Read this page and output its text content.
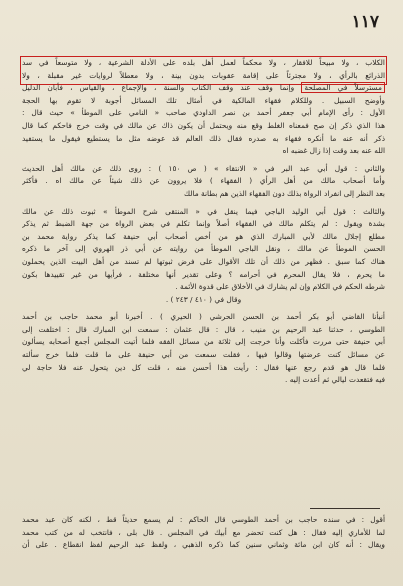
١١٧
الكلاب ، ولا مبيحاً للافقار ، ولا محكماً لعمل أهل بلده على الأدلة الشرعية ، ولا متوسعاً في سد
الذرائع بالرأي ، ولا مجترئاً على إقامة عقوبات بدون بينة ، ولا معطلاً لروايات غير مقبلة ، ولا
مسترسلاً في المصلحة وإنما وقف عند وقف الكتاب والسنة ، والإجماع ، والقياس ، فأبان الدليل
وأوضح السبيل . وللكلام فقهاء المالكية في أمثال تلك المسائل أجوبة لا تقوم بها الحجة
الأول : رأى الإمام أبي جعفر أحمد بن نصر الداودي صاحب « النامي على الموطأ » حيث قال :
هذا الذي ذكر إن صح فمعناه الغلط وقع منه ويحتمل أن يكون ذاك عن مالك في وقت خرج فاحكم كما قال
ذكر أنه عنه ما أنكره فقهاء به صدره فقال ذلك العالم قد عوضه مثل ما يستطيع فيقول ما يستفيد
الله عنه بعد وقت إذا زال غضبه اه
والثاني : قول أبي عبد البر في « الانتقاء » ( ص ١٥٠ ) : روى ذلك عن مالك أهل الحديث
وأما أصحاب مالك من أهل الرأي ( الفقهاء ) فلا يروون عن ذلك شيئاً عن مالك اه . فأكثر
بعد النظر إلى انفراد الرواة بذلك دون الفقهاء الذين هم بطانة مالك
والثالث : قول أبي الوليد الباجي فيما ينقل في « المنتقى شرح الموطأ » ثبوت ذلك عن مالك
بشدة ويقول : لم يتكلم مالك في الفقهاء أصلاً وإنما تكلم في بعض الرواة من جهة الضبط ثم يذكر
مطلع إجلال مالك لأبي المبارك الذي هو من أخص أصحاب أبي حنيفة كما يذكر رواية محمد بن
الحسن الموطأ عن مالك ، ونقل الباجي الموطأ من روايته عن أبي ذر الهروي إلى آخر ما ذكره
هناك كما سبق . فظهر من ذلك أن تلك الأقوال على فرض ثبوتها لم تسند من أهل البيت الذين يحملون
ما يحرم ، فلا يقال المحرم في أحرامه ؟ وعلى تقدير أنها مختلفة ، فرأيها من غير تقييدها بكون
شرطه الحكم في الكلام وإن لم يشارك في الأخلاق على قدوة الأئمة .
وقال في ( ٤١٠ / ٢٤٣ ) .
أنبأنا القاضي أبو بكر أحمد بن الحسن الحرشي ( الحيري ) . أخبرنا أبو محمد حاجب بن أحمد
الطوسي ، حدثنا عبد الرحيم بن منيب ، قال : قال عثمان : سمعت ابن المبارك قال : اختلفت إلى
أبي حنيفة حتى مررت فأكلت وأنا خرجت إلى ثلاثة من مسائل الفقه فلما أتيت المجلس أجمع أصحابه يسألون
عن مسائل كنت عرضتها وقالوا فيها ، فقلت سمعت من أبي حنيفة على ما قلت فلما خرج سألته
فلما قال هو قدم رجع عنها فقال : رأيت هذا أحسن منه ، قلت كل دين يتحول عنه فلا حاجة لي
فيه فتقعدت ليالي ثم أعدت إليه .
أقول : في سنده حاجب بن أحمد الطوسي قال الحاكم : لم يسمع حديثاً قط ، لكنه كان عبد محمد
لما للأماري إليه فقال : هل كنت تحضر مع أبيك في المجلس . قال بلى ، فانتخب له من كتب محمد
ويقال : أنه كان ابن مائة وثماني سنين كما ذكره الذهبي ، ولفظ عبد الرحيم لفظ انقطاع . على أن
